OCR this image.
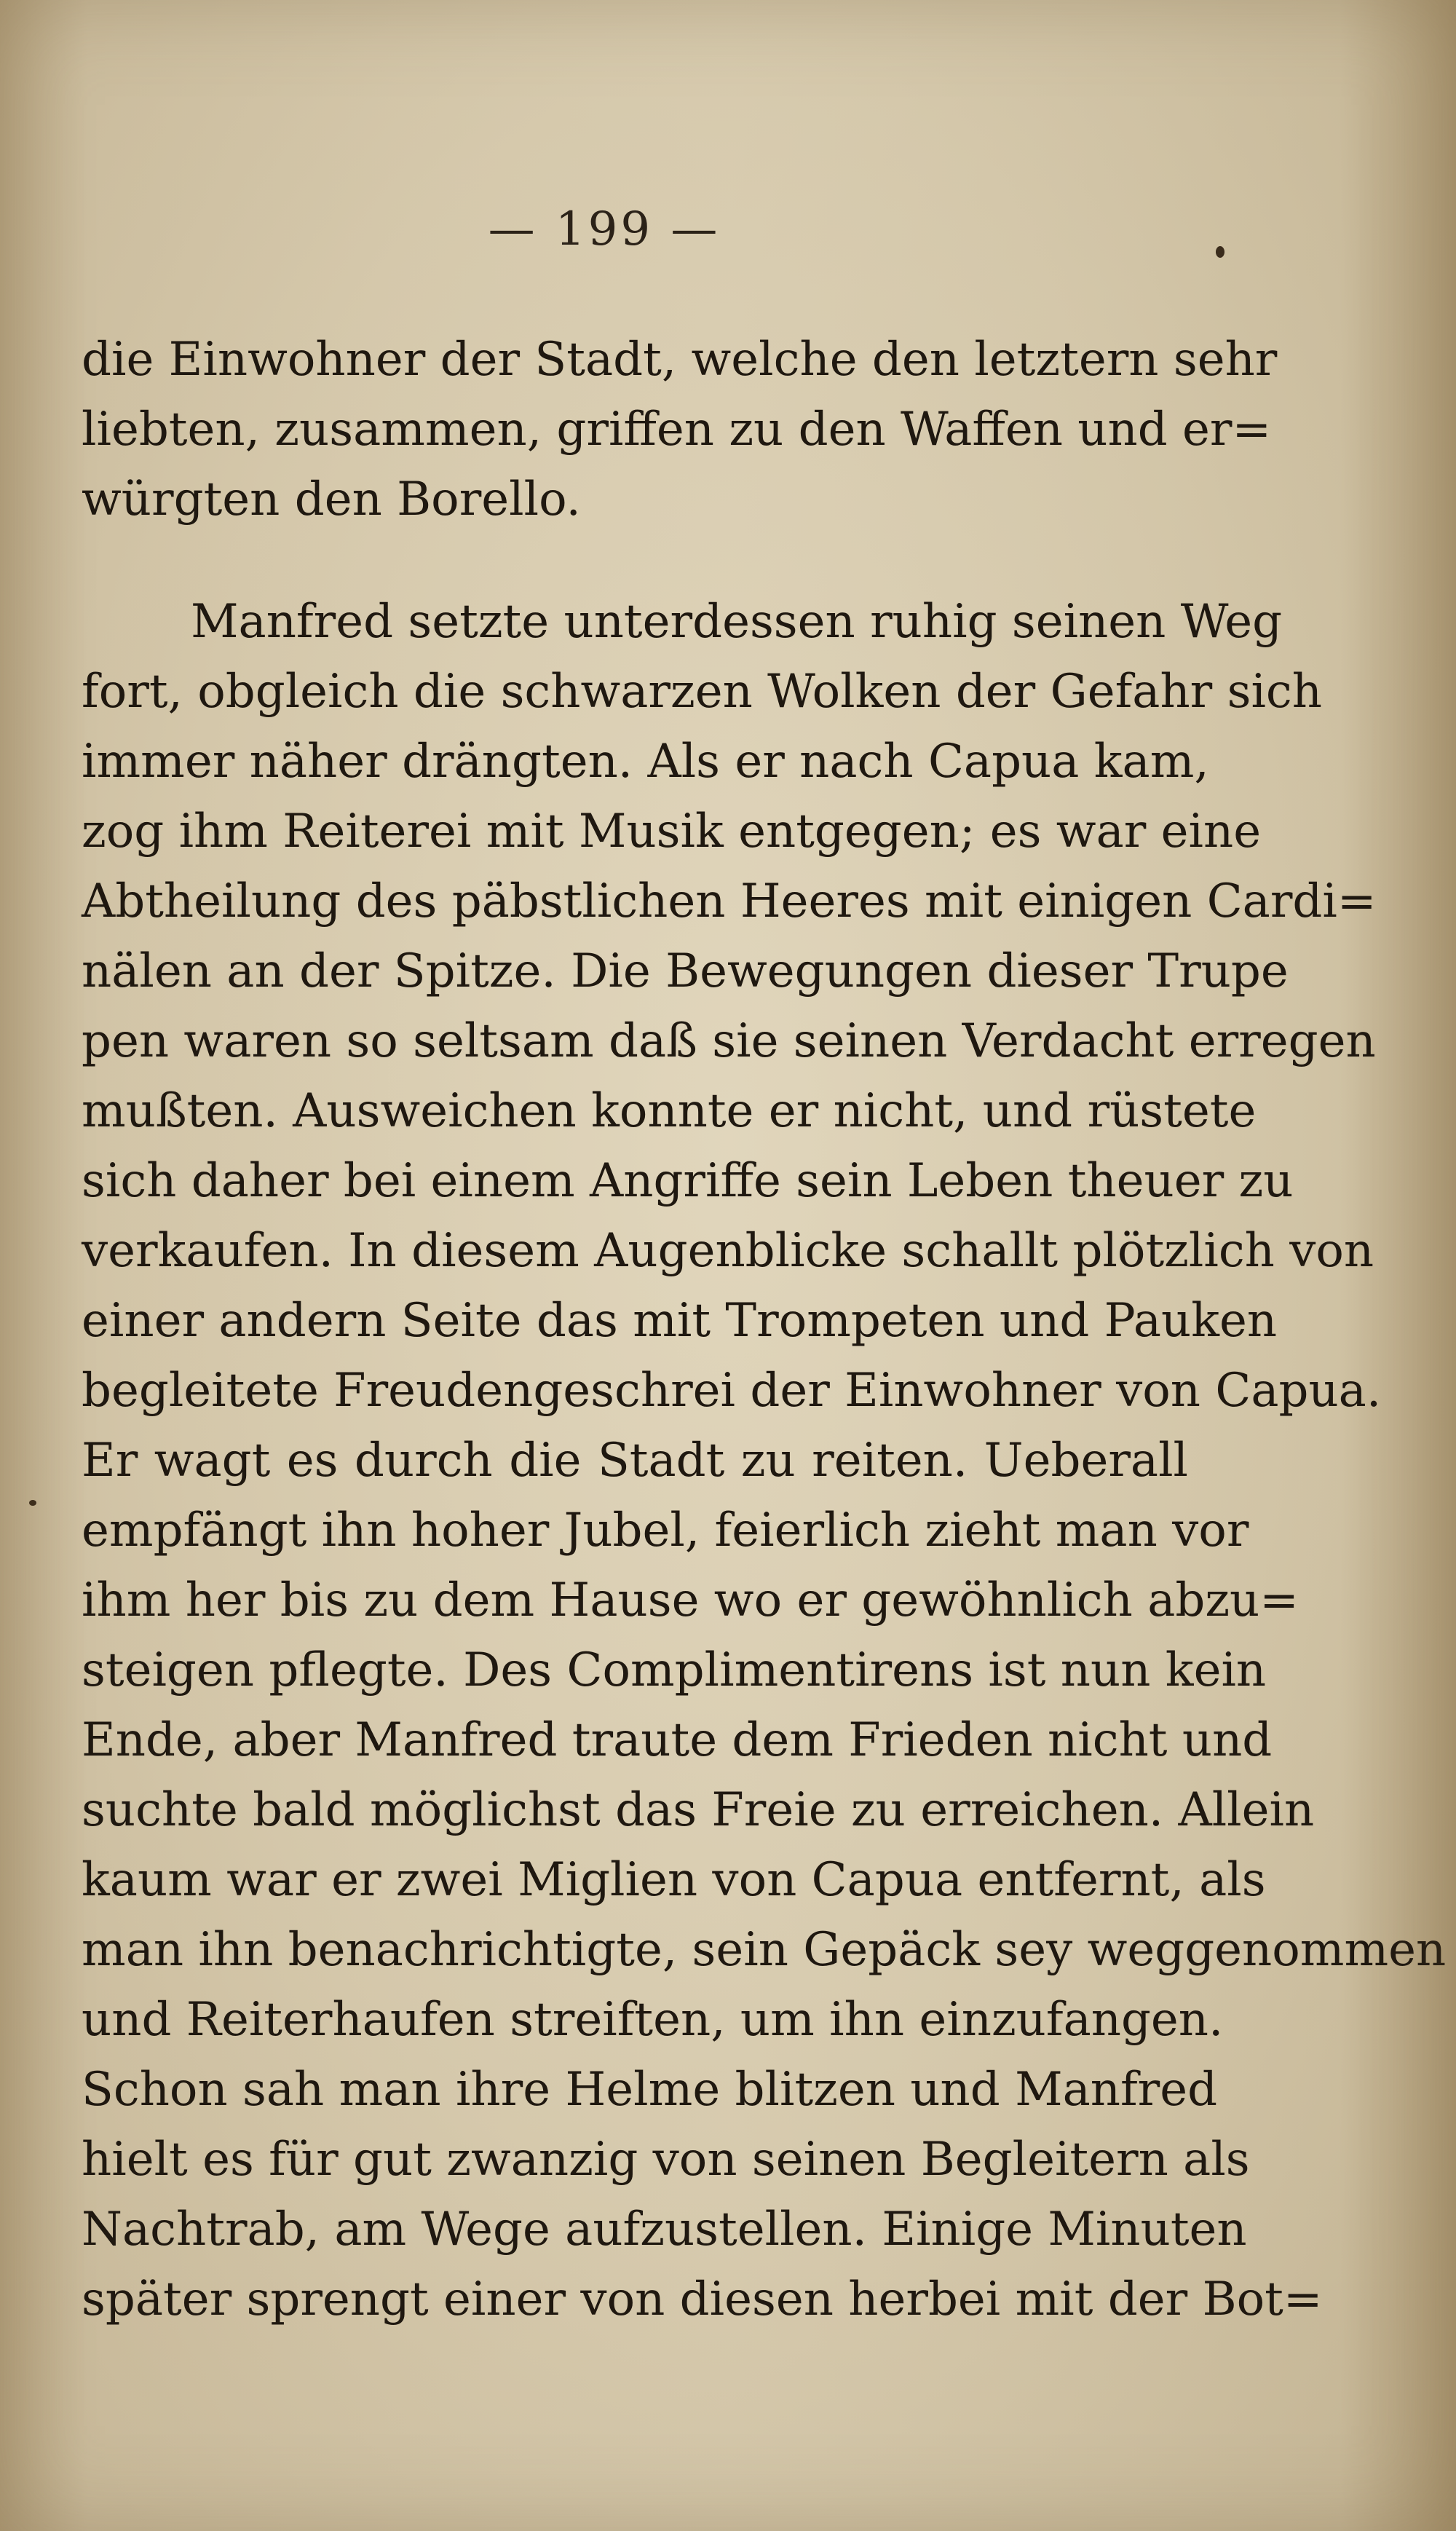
— 199 —
die Einwohner der Stadt, welche den letztern sehr
liebten, zusammen, griffen zu den Waffen und er=
würgten den Borello.
Manfred setzte unterdessen ruhig seinen Weg
fort, obgleich die schwarzen Wolken der Gefahr sich
immer näher drängten. Als er nach Capua kam,
zog ihm Reiterei mit Musik entgegen; es war eine
Abtheilung des päbstlichen Heeres mit einigen Cardi=
nälen an der Spitze. Die Bewegungen dieser Trupe
pen waren so seltsam daß sie seinen Verdacht erregen
mußten. Ausweichen konnte er nicht, und rüstete
sich daher bei einem Angriffe sein Leben theuer zu
verkaufen. In diesem Augenblicke schallt plötzlich von
einer andern Seite das mit Trompeten und Pauken
begleitete Freudengeschrei der Einwohner von Capua.
Er wagt es durch die Stadt zu reiten. Ueberall
empfängt ihn hoher Jubel, feierlich zieht man vor
ihm her bis zu dem Hause wo er gewöhnlich abzu=
steigen pflegte. Des Complimentirens ist nun kein
Ende, aber Manfred traute dem Frieden nicht und
suchte bald möglichst das Freie zu erreichen. Allein
kaum war er zwei Miglien von Capua entfernt, als
man ihn benachrichtigte, sein Gepäck sey weggenommen
und Reiterhaufen streiften, um ihn einzufangen.
Schon sah man ihre Helme blitzen und Manfred
hielt es für gut zwanzig von seinen Begleitern als
Nachtrab, am Wege aufzustellen. Einige Minuten
später sprengt einer von diesen herbei mit der Bot=
